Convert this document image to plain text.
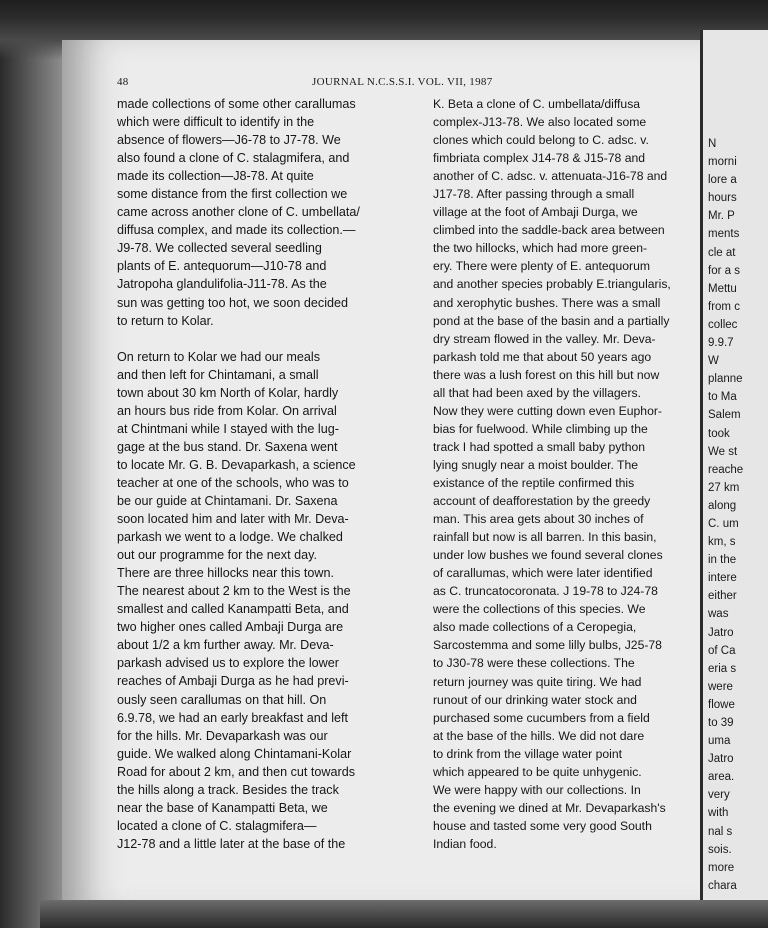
N
morni
lore a
hours
Mr. P
ments
cle at
for a s
Mettu
from c
collec
9.9.7
W
planne
to Ma
Salem
took
We st
reache
27 km
along
C. um
km, s
in the
intere
either
was
Jatro
of Ca
eria s
were
flowe
to 39
uma
Jatro
area.
very
with
nal s
sois.
more
chara
48	JOURNAL N.C.S.S.I. VOL. VII, 1987
made collections of some other carallumas
which were difficult to identify in the
absence of flowers—J6-78 to J7-78. We
also found a clone of C. stalagmifera, and
made its collection—J8-78. At quite
some distance from the first collection we
came across another clone of C. umbellata/
diffusa complex, and made its collection.—
J9-78. We collected several seedling
plants of E. antequorum—J10-78 and
Jatropoha glandulifolia-J11-78. As the
sun was getting too hot, we soon decided
to return to Kolar.
On return to Kolar we had our meals
and then left for Chintamani, a small
town about 30 km North of Kolar, hardly
an hours bus ride from Kolar. On arrival
at Chintmani while I stayed with the lug-
gage at the bus stand. Dr. Saxena went
to locate Mr. G. B. Devaparkash, a science
teacher at one of the schools, who was to
be our guide at Chintamani. Dr. Saxena
soon located him and later with Mr. Deva-
parkash we went to a lodge. We chalked
out our programme for the next day.
There are three hillocks near this town.
The nearest about 2 km to the West is the
smallest and called Kanampatti Beta, and
two higher ones called Ambaji Durga are
about 1/2 a km further away. Mr. Deva-
parkash advised us to explore the lower
reaches of Ambaji Durga as he had previ-
ously seen carallumas on that hill. On
6.9.78, we had an early breakfast and left
for the hills. Mr. Devaparkash was our
guide. We walked along Chintamani-Kolar
Road for about 2 km, and then cut towards
the hills along a track. Besides the track
near the base of Kanampatti Beta, we
located a clone of C. stalagmifera—
J12-78 and a little later at the base of the
K. Beta a clone of C. umbellata/diffusa
complex-J13-78. We also located some
clones which could belong to C. adsc. v.
fimbriata complex J14-78 & J15-78 and
another of C. adsc. v. attenuata-J16-78 and
J17-78. After passing through a small
village at the foot of Ambaji Durga, we
climbed into the saddle-back area between
the two hillocks, which had more green-
ery. There were plenty of E. antequorum
and another species probably E.triangularis,
and xerophytic bushes. There was a small
pond at the base of the basin and a partially
dry stream flowed in the valley. Mr. Deva-
parkash told me that about 50 years ago
there was a lush forest on this hill but now
all that had been axed by the villagers.
Now they were cutting down even Euphor-
bias for fuelwood. While climbing up the
track I had spotted a small baby python
lying snugly near a moist boulder. The
existance of the reptile confirmed this
account of deafforestation by the greedy
man. This area gets about 30 inches of
rainfall but now is all barren. In this basin,
under low bushes we found several clones
of carallumas, which were later identified
as C. truncatocoronata. J 19-78 to J24-78
were the collections of this species. We
also made collections of a Ceropegia,
Sarcostemma and some lilly bulbs, J25-78
to J30-78 were these collections. The
return journey was quite tiring. We had
runout of our drinking water stock and
purchased some cucumbers from a field
at the base of the hills. We did not dare
to drink from the village water point
which appeared to be quite unhygenic.
We were happy with our collections. In
the evening we dined at Mr. Devaparkash's
house and tasted some very good South
Indian food.
